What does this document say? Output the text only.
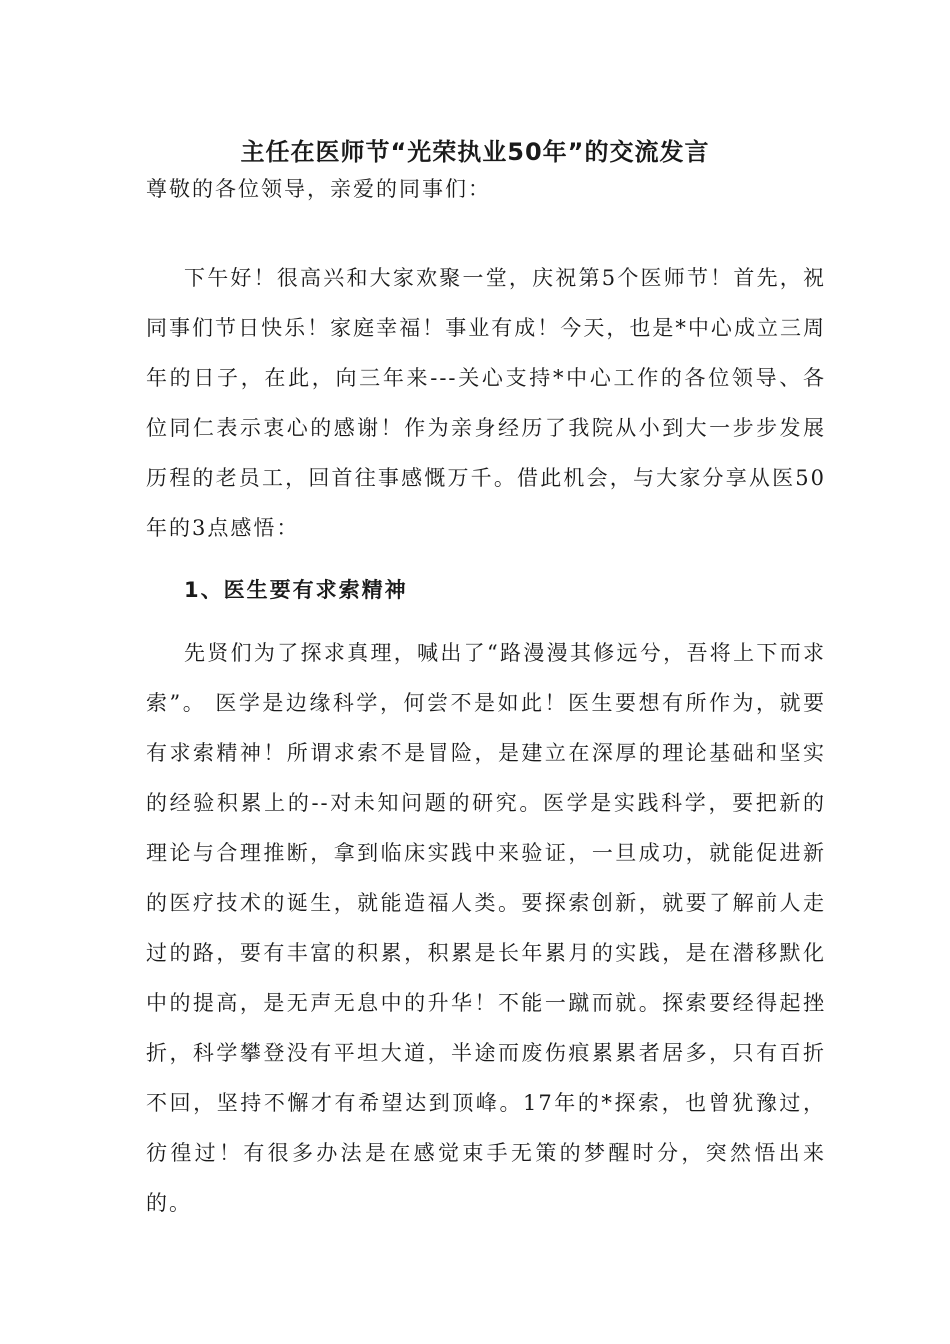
主任在医师节“光荣执业50年”的交流发言
尊敬的各位领导，亲爱的同事们：
下午好！很高兴和大家欢聚一堂，庆祝第5个医师节！首先，祝同事们节日快乐！家庭幸福！事业有成！今天，也是*中心成立三周年的日子，在此，向三年来---关心支持*中心工作的各位领导、各位同仁表示衷心的感谢！作为亲身经历了我院从小到大一步步发展历程的老员工，回首往事感慨万千。借此机会，与大家分享从医50年的3点感悟：
1、医生要有求索精神
先贤们为了探求真理，喊出了“路漫漫其修远兮，吾将上下而求索”。 医学是边缘科学，何尝不是如此！医生要想有所作为，就要有求索精神！所谓求索不是冒险，是建立在深厚的理论基础和坚实的经验积累上的--对未知问题的研究。医学是实践科学，要把新的理论与合理推断，拿到临床实践中来验证，一旦成功，就能促进新的医疗技术的诞生，就能造福人类。要探索创新，就要了解前人走过的路，要有丰富的积累，积累是长年累月的实践，是在潜移默化中的提高，是无声无息中的升华！不能一蹴而就。探索要经得起挫折，科学攀登没有平坦大道，半途而废伤痕累累者居多，只有百折不回，坚持不懈才有希望达到顶峰。17年的*探索，也曾犹豫过，彷徨过！有很多办法是在感觉束手无策的梦醒时分，突然悟出来的。
